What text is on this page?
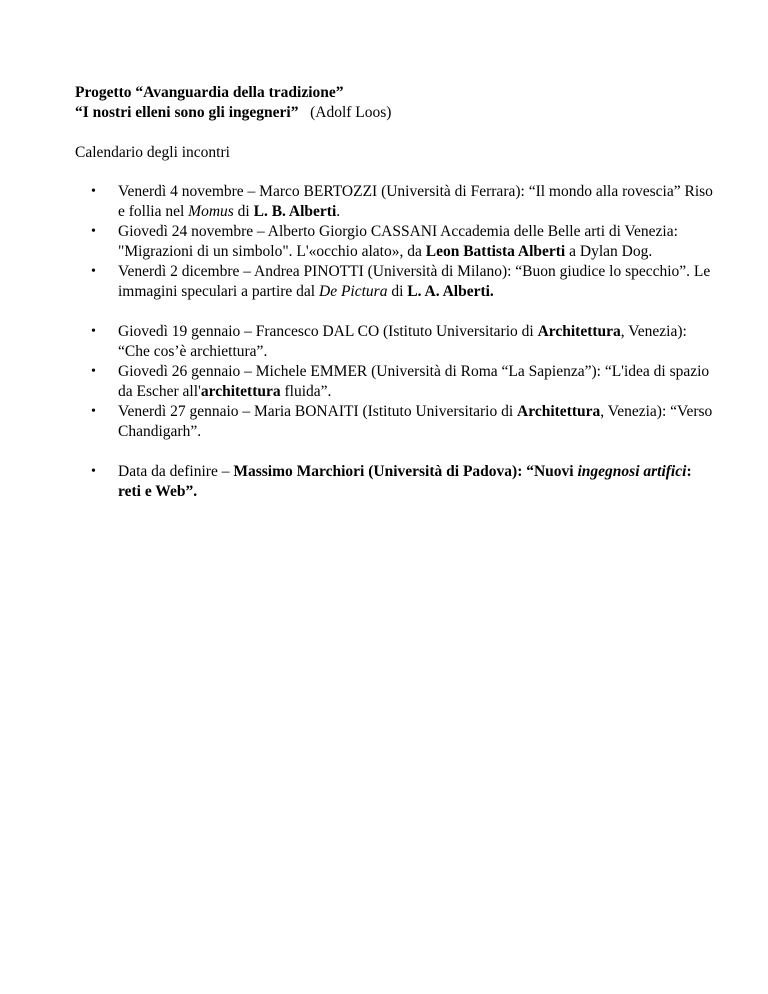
Progetto “Avanguardia della tradizione”

“I nostri elleni sono gli ingegneri” (Adolf Loos)

Calendario degli incontri

• Venerdì 4 novembre – Marco BERTOZZI (Università di Ferrara): “Il mondo alla rovescia” Riso e follia nel Momus di L. B. Alberti.
• Giovedì 24 novembre – Alberto Giorgio CASSANI Accademia delle Belle arti di Venezia: "Migrazioni di un simbolo". L'«occhio alato», da Leon Battista Alberti a Dylan Dog.
• Venerdì 2 dicembre – Andrea PINOTTI (Università di Milano): “Buon giudice lo specchio”. Le immagini speculari a partire dal De Pictura di L. A. Alberti.
• Giovedì 19 gennaio – Francesco DAL CO (Istituto Universitario di Architettura, Venezia): “Che cos’è archiettura”.
• Giovedì 26 gennaio – Michele EMMER (Università di Roma “La Sapienza”): “L'idea di spazio da Escher all'architettura fluida”.
• Venerdì 27 gennaio – Maria BONAITI (Istituto Universitario di Architettura, Venezia): “Verso Chandigarh”.
• Data da definire – Massimo Marchiori (Università di Padova): “Nuovi ingegnosi artifici: reti e Web”.
